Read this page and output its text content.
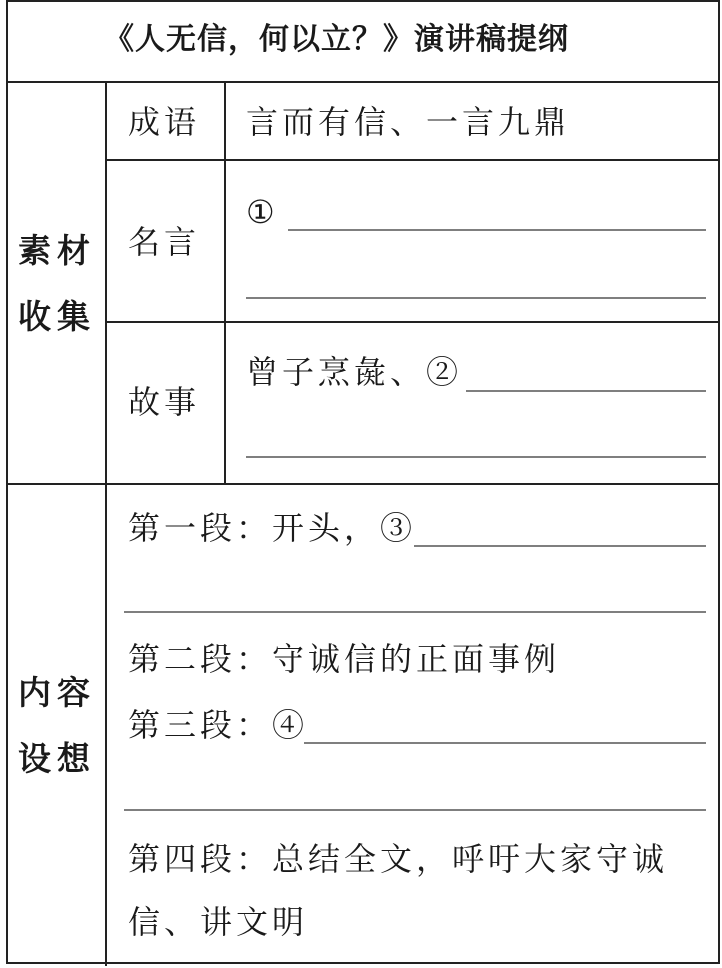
《人无信，何以立？》演讲稿提纲
素材
收集
成语 言而有信、一言九鼎
名言
①
故事
曾子烹彘、②
内容
设想
第一段：开头，③
第二段：守诚信的正面事例
第三段：④
第四段：总结全文，呼吁大家守诚
信、讲文明
